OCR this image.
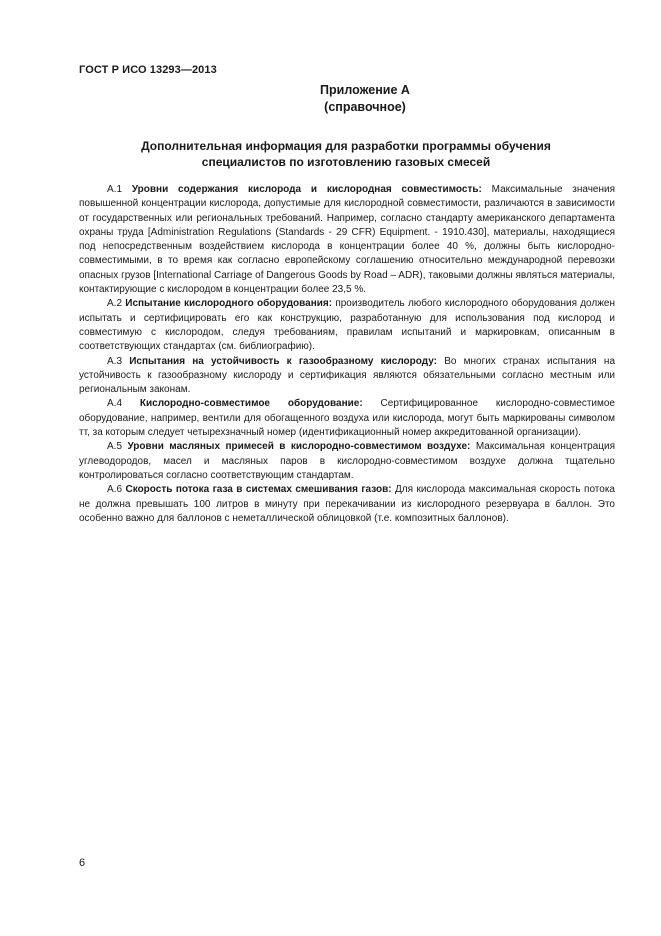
ГОСТ Р ИСО 13293—2013
Приложение А
(справочное)
Дополнительная информация для разработки программы обучения
специалистов по изготовлению газовых смесей

А.1 Уровни содержания кислорода и кислородная совместимость: Максимальные значения повышенной концентрации кислорода, допустимые для кислородной совместимости, различаются в зависимости от государственных или региональных требований. Например, согласно стандарту американского департамента охраны труда [Administration Regulations (Standards - 29 CFR) Equipment. - 1910.430], материалы, находящиеся под непосредственным воздействием кислорода в концентрации более 40 %, должны быть кислородно-совместимыми, в то время как согласно европейскому соглашению относительно международной перевозки опасных грузов [International Carriage of Dangerous Goods by Road – ADR), таковыми должны являться материалы, контактирующие с кислородом в концентрации более 23,5 %.

А.2 Испытание кислородного оборудования: производитель любого кислородного оборудования должен испытать и сертифицировать его как конструкцию, разработанную для использования под кислород и совместимую с кислородом, следуя требованиям, правилам испытаний и маркировкам, описанным в соответствующих стандартах (см. библиографию).

А.3 Испытания на устойчивость к газообразному кислороду: Во многих странах испытания на устойчивость к газообразному кислороду и сертификация являются обязательными согласно местным или региональным законам.

А.4 Кислородно-совместимое оборудование: Сертифицированное кислородно-совместимое оборудование, например, вентили для обогащенного воздуха или кислорода, могут быть маркированы символом тт, за которым следует четырехзначный номер (идентификационный номер аккредитованной организации).

А.5 Уровни масляных примесей в кислородно-совместимом воздухе: Максимальная концентрация углеводородов, масел и масляных паров в кислородно-совместимом воздухе должна тщательно контролироваться согласно соответствующим стандартам.

А.6 Скорость потока газа в системах смешивания газов: Для кислорода максимальная скорость потока не должна превышать 100 литров в минуту при перекачивании из кислородного резервуара в баллон. Это особенно важно для баллонов с неметаллической облицовкой (т.е. композитных баллонов).

6
